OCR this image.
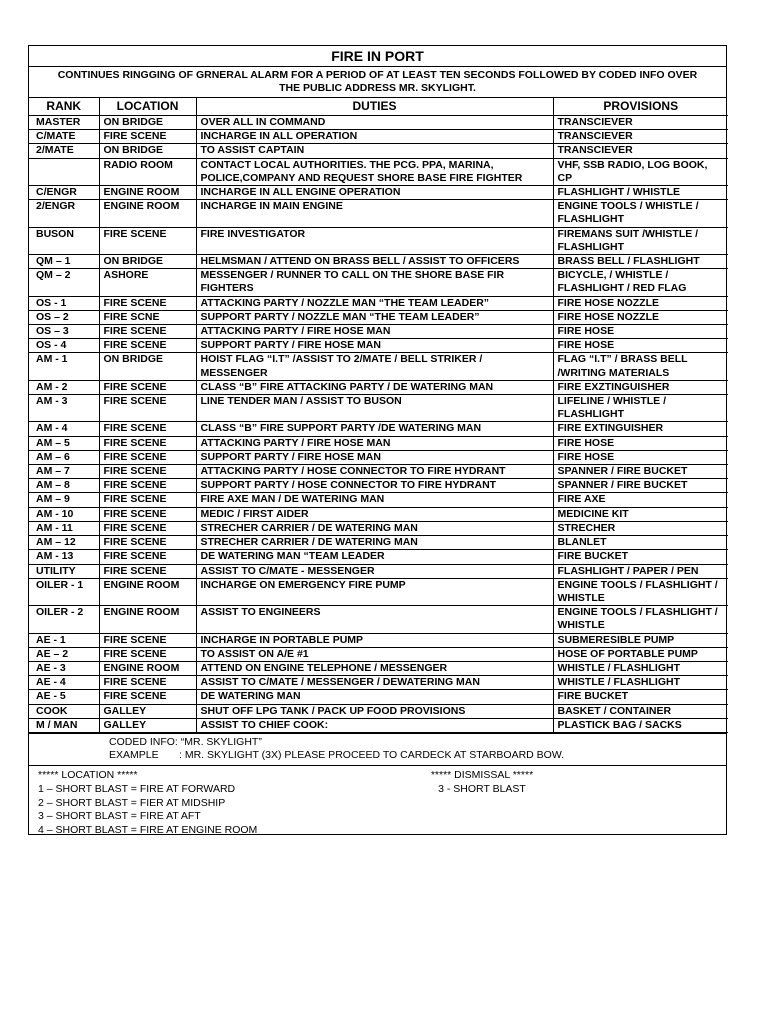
FIRE IN PORT
CONTINUES RINGGING OF GRNERAL ALARM FOR A PERIOD OF AT LEAST TEN SECONDS FOLLOWED BY CODED INFO OVER THE PUBLIC ADDRESS MR. SKYLIGHT.
RANK	LOCATION	DUTIES	PROVISIONS
MASTER	ON BRIDGE	OVER ALL IN COMMAND	TRANSCIEVER
C/MATE	FIRE SCENE	INCHARGE IN ALL OPERATION	TRANSCIEVER
2/MATE	ON BRIDGE	TO ASSIST CAPTAIN	TRANSCIEVER
	RADIO ROOM	CONTACT LOCAL AUTHORITIES. THE PCG. PPA, MARINA, POLICE,COMPANY AND REQUEST SHORE BASE FIRE FIGHTER	VHF, SSB RADIO, LOG BOOK, CP
C/ENGR	ENGINE ROOM	INCHARGE IN ALL ENGINE OPERATION	FLASHLIGHT / WHISTLE
2/ENGR	ENGINE ROOM	INCHARGE IN MAIN ENGINE	ENGINE TOOLS / WHISTLE / FLASHLIGHT
BUSON	FIRE SCENE	FIRE INVESTIGATOR	FIREMANS SUIT /WHISTLE / FLASHLIGHT
QM – 1	ON BRIDGE	HELMSMAN / ATTEND ON BRASS BELL / ASSIST TO OFFICERS	BRASS BELL / FLASHLIGHT
QM – 2	ASHORE	MESSENGER / RUNNER TO CALL ON THE SHORE BASE FIR FIGHTERS	BICYCLE, / WHISTLE / FLASHLIGHT / RED FLAG
OS - 1	FIRE SCENE	ATTACKING PARTY / NOZZLE MAN “THE TEAM LEADER”	FIRE HOSE NOZZLE
OS – 2	FIRE SCNE	SUPPORT PARTY / NOZZLE MAN “THE TEAM LEADER”	FIRE HOSE NOZZLE
OS – 3	FIRE SCENE	ATTACKING PARTY / FIRE HOSE MAN	FIRE HOSE
OS - 4	FIRE SCENE	SUPPORT PARTY / FIRE HOSE MAN	FIRE HOSE
AM - 1	ON BRIDGE	HOIST FLAG “I.T” /ASSIST TO 2/MATE / BELL STRIKER / MESSENGER	FLAG “I.T” / BRASS BELL /WRITING MATERIALS
AM - 2	FIRE SCENE	CLASS “B” FIRE ATTACKING PARTY / DE WATERING MAN	FIRE EXZTINGUISHER
AM - 3	FIRE SCENE	LINE TENDER MAN / ASSIST TO BUSON	LIFELINE / WHISTLE / FLASHLIGHT
AM - 4	FIRE SCENE	CLASS “B” FIRE SUPPORT PARTY /DE WATERING MAN	FIRE EXTINGUISHER
AM – 5	FIRE SCENE	ATTACKING PARTY / FIRE HOSE MAN	FIRE HOSE
AM – 6	FIRE SCENE	SUPPORT PARTY / FIRE HOSE MAN	FIRE HOSE
AM – 7	FIRE SCENE	ATTACKING PARTY / HOSE CONNECTOR TO FIRE HYDRANT	SPANNER / FIRE BUCKET
AM – 8	FIRE SCENE	SUPPORT PARTY / HOSE CONNECTOR TO FIRE HYDRANT	SPANNER / FIRE BUCKET
AM – 9	FIRE SCENE	FIRE AXE MAN / DE WATERING MAN	FIRE AXE
AM - 10	FIRE SCENE	MEDIC / FIRST AIDER	MEDICINE KIT
AM - 11	FIRE SCENE	STRECHER CARRIER / DE WATERING MAN	STRECHER
AM – 12	FIRE SCENE	STRECHER CARRIER / DE WATERING MAN	BLANLET
AM - 13	FIRE SCENE	DE WATERING MAN “TEAM LEADER	FIRE BUCKET
UTILITY	FIRE SCENE	ASSIST TO C/MATE - MESSENGER	FLASHLIGHT / PAPER / PEN
OILER - 1	ENGINE ROOM	INCHARGE ON EMERGENCY FIRE PUMP	ENGINE TOOLS / FLASHLIGHT / WHISTLE
OILER - 2	ENGINE ROOM	ASSIST TO ENGINEERS	ENGINE TOOLS / FLASHLIGHT / WHISTLE
AE - 1	FIRE SCENE	INCHARGE IN PORTABLE PUMP	SUBMERESIBLE PUMP
AE – 2	FIRE SCENE	TO ASSIST ON A/E #1	HOSE OF PORTABLE PUMP
AE - 3	ENGINE ROOM	ATTEND ON ENGINE TELEPHONE / MESSENGER	WHISTLE / FLASHLIGHT
AE - 4	FIRE SCENE	ASSIST TO C/MATE / MESSENGER / DEWATERING MAN	WHISTLE / FLASHLIGHT
AE - 5	FIRE SCENE	DE WATERING MAN	FIRE BUCKET
COOK	GALLEY	SHUT OFF LPG TANK / PACK UP FOOD PROVISIONS	BASKET / CONTAINER
M / MAN	GALLEY	ASSIST TO CHIEF COOK:	PLASTICK BAG / SACKS
CODED INFO: “MR. SKYLIGHT”
EXAMPLE : MR. SKYLIGHT (3X) PLEASE PROCEED TO CARDECK AT STARBOARD BOW.
***** LOCATION *****
1 – SHORT BLAST = FIRE AT FORWARD
2 – SHORT BLAST = FIER AT MIDSHIP
3 – SHORT BLAST = FIRE AT AFT
4 – SHORT BLAST = FIRE AT ENGINE ROOM
***** DISMISSAL *****
3 - SHORT BLAST
